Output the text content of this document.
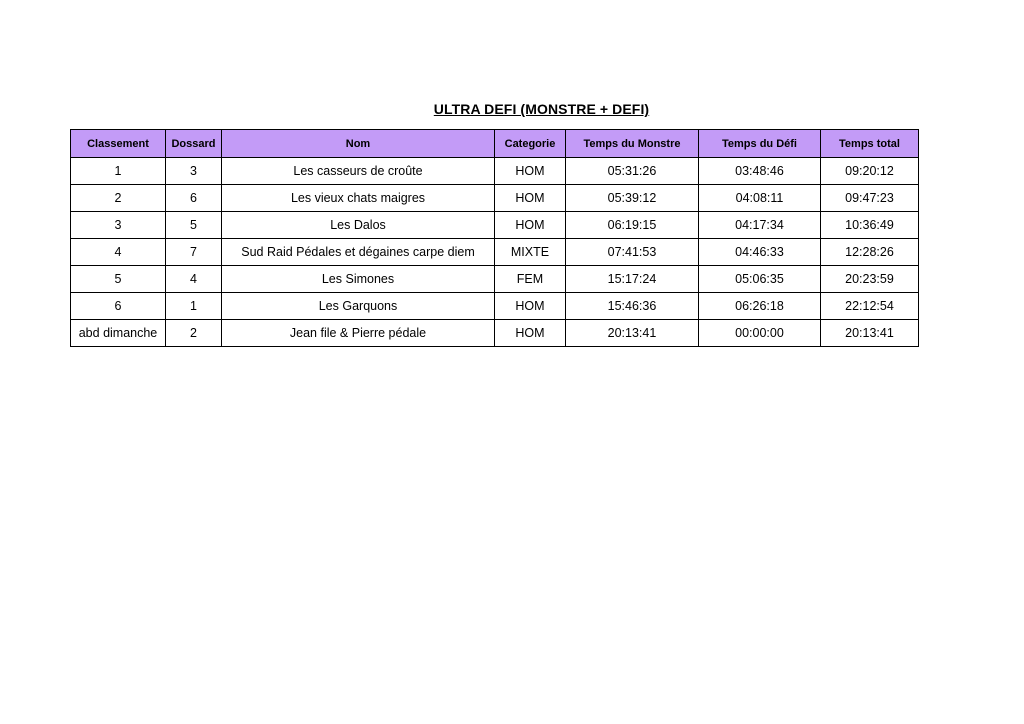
ULTRA DEFI (MONSTRE + DEFI)
Classement	Dossard	Nom	Categorie	Temps du Monstre	Temps du Défi	Temps total
1	3	Les casseurs de croûte	HOM	05:31:26	03:48:46	09:20:12
2	6	Les vieux chats maigres	HOM	05:39:12	04:08:11	09:47:23
3	5	Les Dalos	HOM	06:19:15	04:17:34	10:36:49
4	7	Sud Raid Pédales et dégaines carpe diem	MIXTE	07:41:53	04:46:33	12:28:26
5	4	Les Simones	FEM	15:17:24	05:06:35	20:23:59
6	1	Les Garquons	HOM	15:46:36	06:26:18	22:12:54
abd dimanche	2	Jean file & Pierre pédale	HOM	20:13:41	00:00:00	20:13:41
